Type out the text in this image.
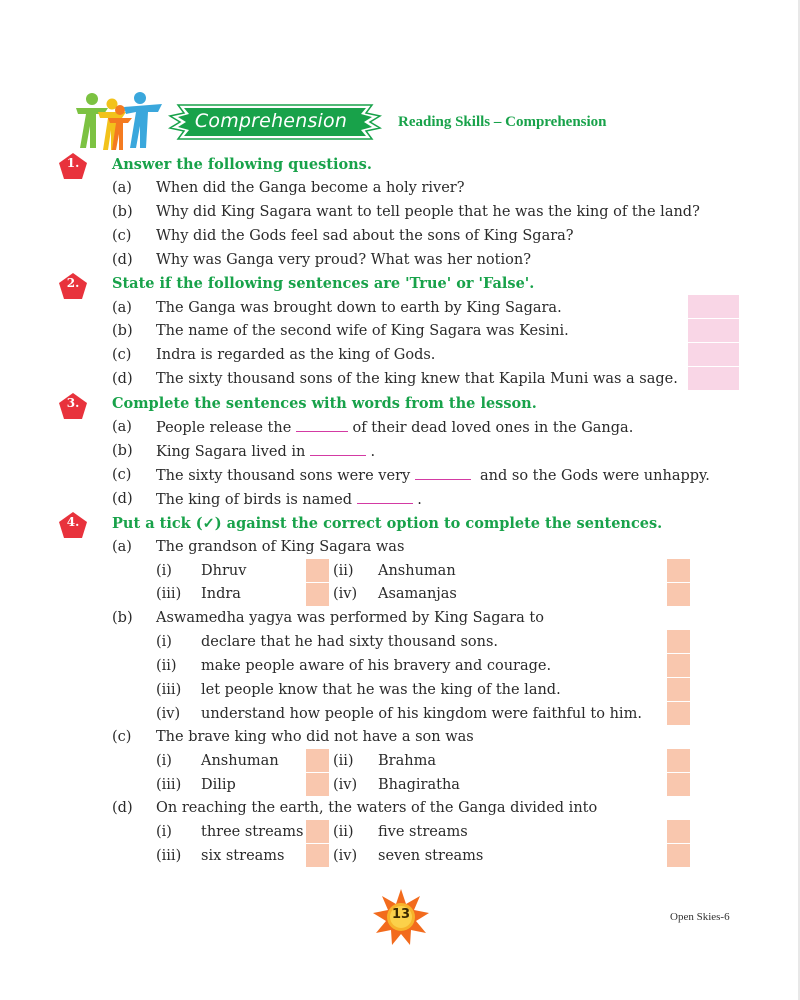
Comprehension	Reading Skills – Comprehension
1.	Answer the following questions.
(a)	When did the Ganga become a holy river?
(b)	Why did King Sagara want to tell people that he was the king of the land?
(c)	Why did the Gods feel sad about the sons of King Sgara?
(d)	Why was Ganga very proud? What was her notion?
2.	State if the following sentences are 'True' or 'False'.
(a)	The Ganga was brought down to earth by King Sagara.
(b)	The name of the second wife of King Sagara was Kesini.
(c)	Indra is regarded as the king of Gods.
(d)	The sixty thousand sons of the king knew that Kapila Muni was a sage.
3.	Complete the sentences with words from the lesson.
(a)	People release the	of their dead loved ones in the Ganga.
(b)	King Sagara lived in	.
(c)	The sixty thousand sons were very	and so the Gods were unhappy.
(d)	The king of birds is named	.
4.	Put a tick (✓) against the correct option to complete the sentences.
(a)	The grandson of King Sagara was
(i) Dhruv	(ii) Anshuman
(iii) Indra	(iv) Asamanjas
(b)	Aswamedha yagya was performed by King Sagara to
(i) declare that he had sixty thousand sons.
(ii) make people aware of his bravery and courage.
(iii) let people know that he was the king of the land.
(iv) understand how people of his kingdom were faithful to him.
(c)	The brave king who did not have a son was
(i) Anshuman	(ii) Brahma
(iii) Dilip	(iv) Bhagiratha
(d)	On reaching the earth, the waters of the Ganga divided into
(i) three streams (ii) five streams
(iii) six streams	(iv) seven streams
13	Open Skies-6
